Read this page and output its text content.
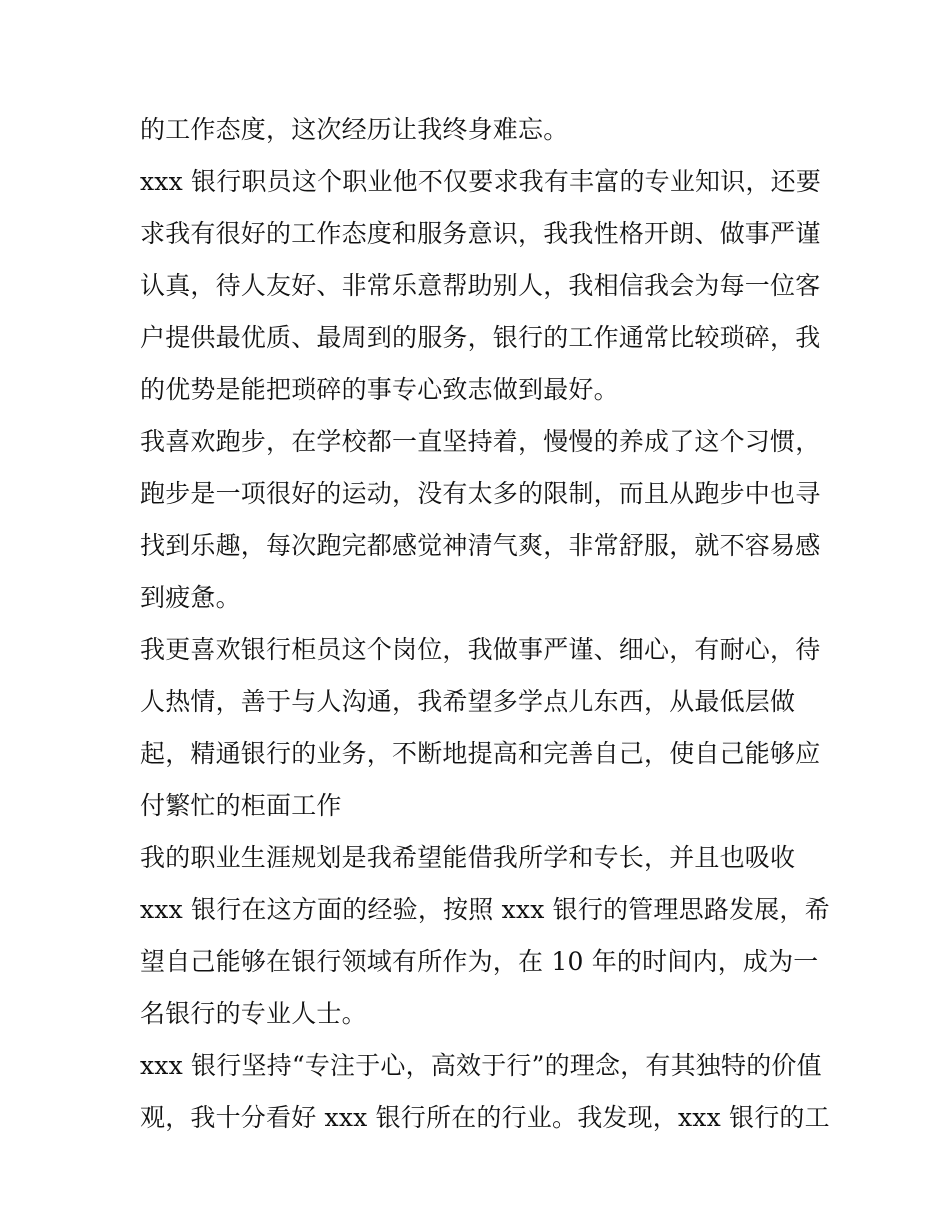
的工作态度，这次经历让我终身难忘。
xxx 银行职员这个职业他不仅要求我有丰富的专业知识，还要
求我有很好的工作态度和服务意识，我我性格开朗、做事严谨
认真，待人友好、非常乐意帮助别人，我相信我会为每一位客
户提供最优质、最周到的服务，银行的工作通常比较琐碎，我
的优势是能把琐碎的事专心致志做到最好。
我喜欢跑步，在学校都一直坚持着，慢慢的养成了这个习惯，
跑步是一项很好的运动，没有太多的限制，而且从跑步中也寻
找到乐趣，每次跑完都感觉神清气爽，非常舒服，就不容易感
到疲惫。
我更喜欢银行柜员这个岗位，我做事严谨、细心，有耐心，待
人热情，善于与人沟通，我希望多学点儿东西，从最低层做
起，精通银行的业务，不断地提高和完善自己，使自己能够应
付繁忙的柜面工作
我的职业生涯规划是我希望能借我所学和专长，并且也吸收
xxx 银行在这方面的经验，按照 xxx 银行的管理思路发展，希
望自己能够在银行领域有所作为，在 10 年的时间内，成为一
名银行的专业人士。
xxx 银行坚持“专注于心，高效于行”的理念，有其独特的价值
观，我十分看好 xxx 银行所在的行业。我发现，xxx 银行的工
